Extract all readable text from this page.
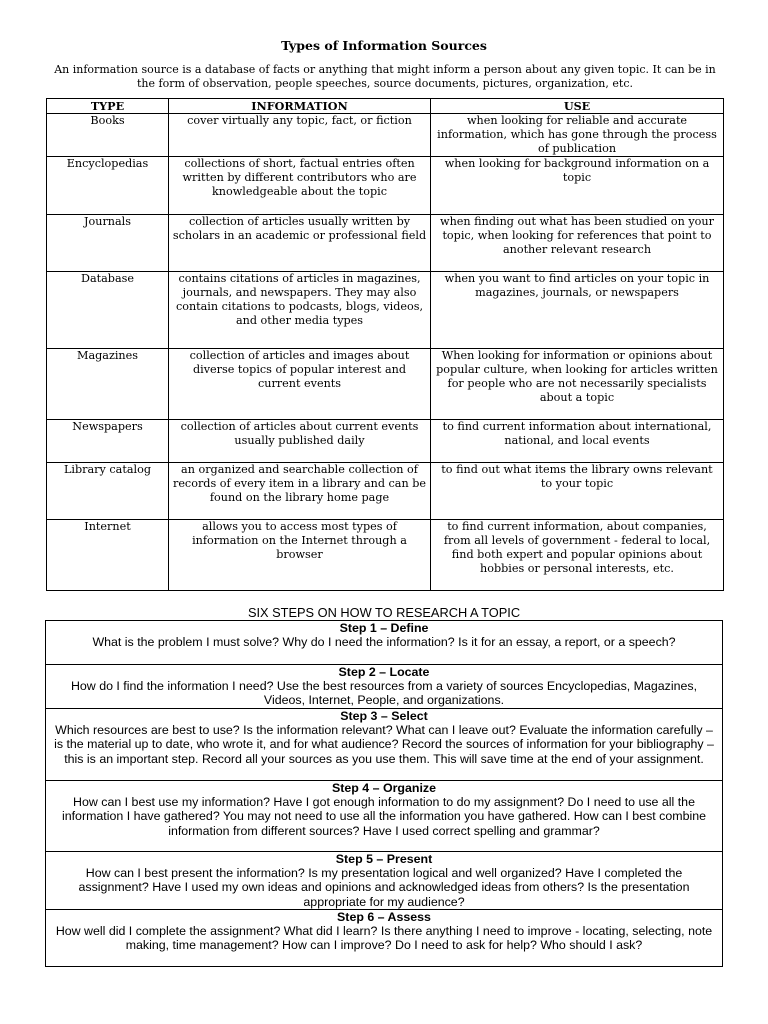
Types of Information Sources
An information source is a database of facts or anything that might inform a person about any given topic. It can be in the form of observation, people speeches, source documents, pictures, organization, etc.
TYPE	INFORMATION	USE
Books	cover virtually any topic, fact, or fiction	when looking for reliable and accurate information, which has gone through the process of publication
Encyclopedias	collections of short, factual entries often written by different contributors who are knowledgeable about the topic	when looking for background information on a topic
Journals	collection of articles usually written by scholars in an academic or professional field	when finding out what has been studied on your topic, when looking for references that point to another relevant research
Database	contains citations of articles in magazines, journals, and newspapers. They may also contain citations to podcasts, blogs, videos, and other media types	when you want to find articles on your topic in magazines, journals, or newspapers
Magazines	collection of articles and images about diverse topics of popular interest and current events	When looking for information or opinions about popular culture, when looking for articles written for people who are not necessarily specialists about a topic
Newspapers	collection of articles about current events usually published daily	to find current information about international, national, and local events
Library catalog	an organized and searchable collection of records of every item in a library and can be found on the library home page	to find out what items the library owns relevant to your topic
Internet	allows you to access most types of information on the Internet through a browser	to find current information, about companies, from all levels of government - federal to local, find both expert and popular opinions about hobbies or personal interests, etc.
SIX STEPS ON HOW TO RESEARCH A TOPIC
Step 1 – Define
What is the problem I must solve? Why do I need the information? Is it for an essay, a report, or a speech?

Step 2 – Locate
How do I find the information I need? Use the best resources from a variety of sources Encyclopedias, Magazines, Videos, Internet, People, and organizations.

Step 3 – Select
Which resources are best to use? Is the information relevant? What can I leave out? Evaluate the information carefully – is the material up to date, who wrote it, and for what audience? Record the sources of information for your bibliography – this is an important step. Record all your sources as you use them. This will save time at the end of your assignment.

Step 4 – Organize
How can I best use my information? Have I got enough information to do my assignment? Do I need to use all the information I have gathered? You may not need to use all the information you have gathered. How can I best combine information from different sources? Have I used correct spelling and grammar?

Step 5 – Present
How can I best present the information? Is my presentation logical and well organized? Have I completed the assignment? Have I used my own ideas and opinions and acknowledged ideas from others? Is the presentation appropriate for my audience?

Step 6 – Assess
How well did I complete the assignment? What did I learn? Is there anything I need to improve - locating, selecting, note making, time management? How can I improve? Do I need to ask for help? Who should I ask?
